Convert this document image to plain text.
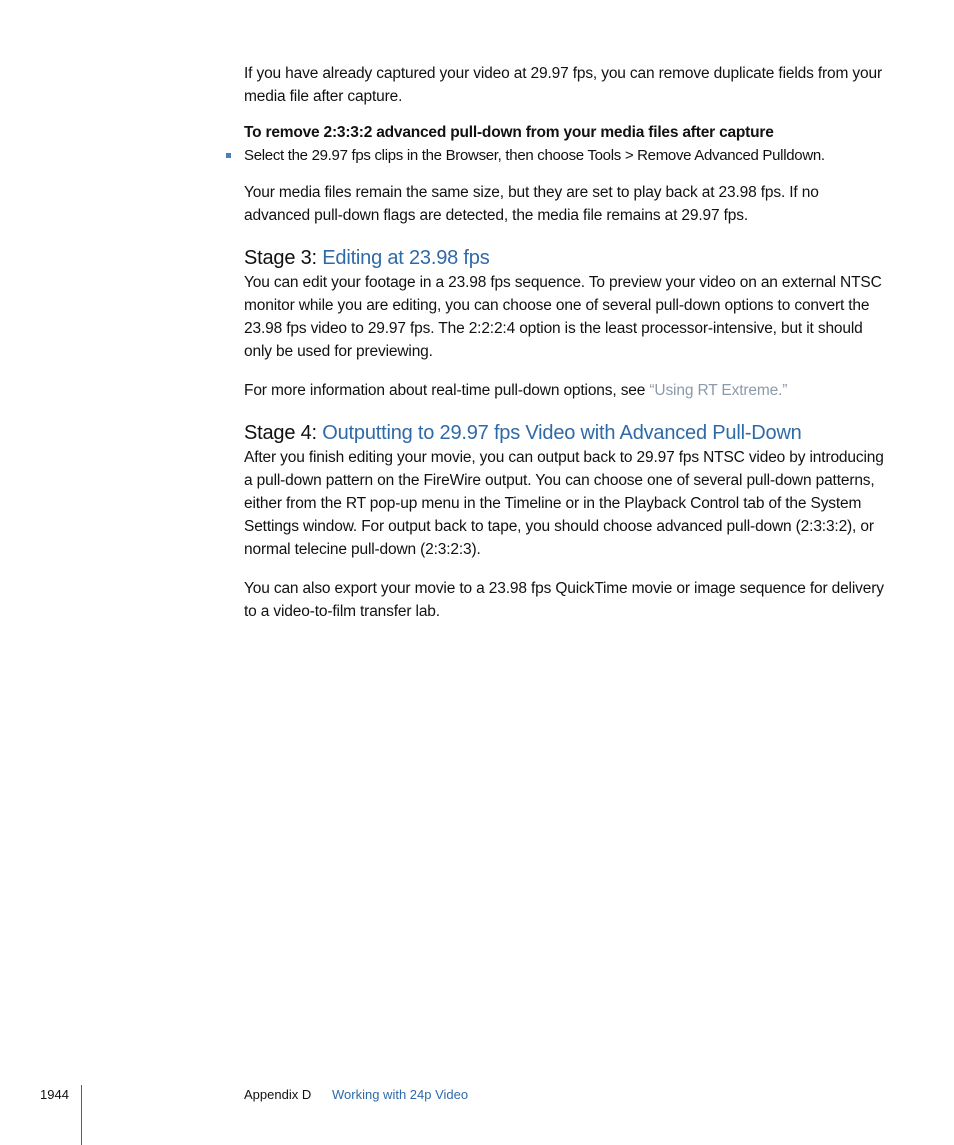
If you have already captured your video at 29.97 fps, you can remove duplicate fields from your media file after capture.

To remove 2:3:3:2 advanced pull-down from your media files after capture

Select the 29.97 fps clips in the Browser, then choose Tools > Remove Advanced Pulldown.

Your media files remain the same size, but they are set to play back at 23.98 fps. If no advanced pull-down flags are detected, the media file remains at 29.97 fps.

Stage 3: Editing at 23.98 fps

You can edit your footage in a 23.98 fps sequence. To preview your video on an external NTSC monitor while you are editing, you can choose one of several pull-down options to convert the 23.98 fps video to 29.97 fps. The 2:2:2:4 option is the least processor-intensive, but it should only be used for previewing.

For more information about real-time pull-down options, see “Using RT Extreme.”

Stage 4: Outputting to 29.97 fps Video with Advanced Pull-Down

After you finish editing your movie, you can output back to 29.97 fps NTSC video by introducing a pull-down pattern on the FireWire output. You can choose one of several pull-down patterns, either from the RT pop-up menu in the Timeline or in the Playback Control tab of the System Settings window. For output back to tape, you should choose advanced pull-down (2:3:3:2), or normal telecine pull-down (2:3:2:3).

You can also export your movie to a 23.98 fps QuickTime movie or image sequence for delivery to a video-to-film transfer lab.

1944	Appendix D Working with 24p Video
